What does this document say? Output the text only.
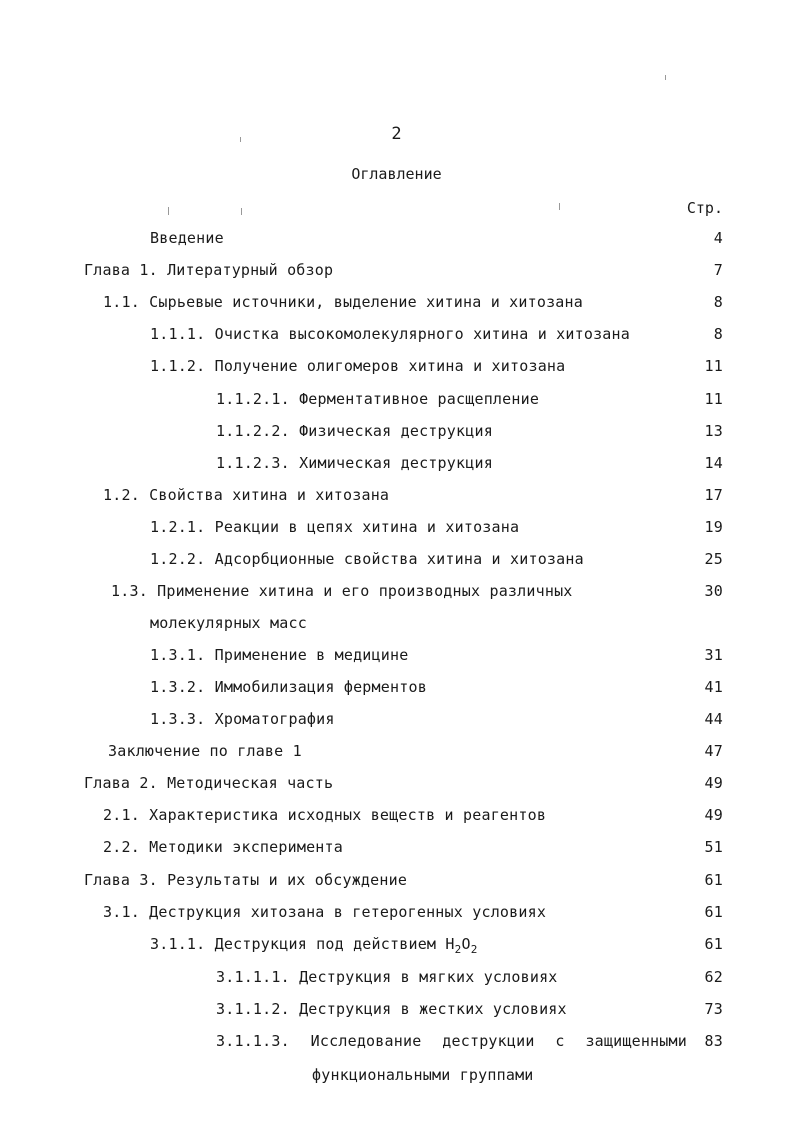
2
Оглавление
Стр.
Введение	4
Глава 1. Литературный обзор	7
1.1. Сырьевые источники, выделение хитина и хитозана	8
1.1.1. Очистка высокомолекулярного хитина и хитозана	8
1.1.2. Получение олигомеров хитина и хитозана	11
1.1.2.1. Ферментативное расщепление	11
1.1.2.2. Физическая деструкция	13
1.1.2.3. Химическая деструкция	14
1.2. Свойства хитина и хитозана	17
1.2.1. Реакции в цепях хитина и хитозана	19
1.2.2. Адсорбционные свойства хитина и хитозана	25
1.3. Применение хитина и его производных различных	30
молекулярных масс
1.3.1. Применение в медицине	31
1.3.2. Иммобилизация ферментов	41
1.3.3. Хроматография	44
Заключение по главе 1	47
Глава 2. Методическая часть	49
2.1. Характеристика исходных веществ и реагентов	49
2.2. Методики эксперимента	51
Глава 3. Результаты и их обсуждение	61
3.1. Деструкция хитозана в гетерогенных условиях	61
3.1.1. Деструкция под действием $H_2O_2$	61
3.1.1.1. Деструкция в мягких условиях	62
3.1.1.2. Деструкция в жестких условиях	73
3.1.1.3. Исследование деструкции с защищенными 83
функциональными группами
